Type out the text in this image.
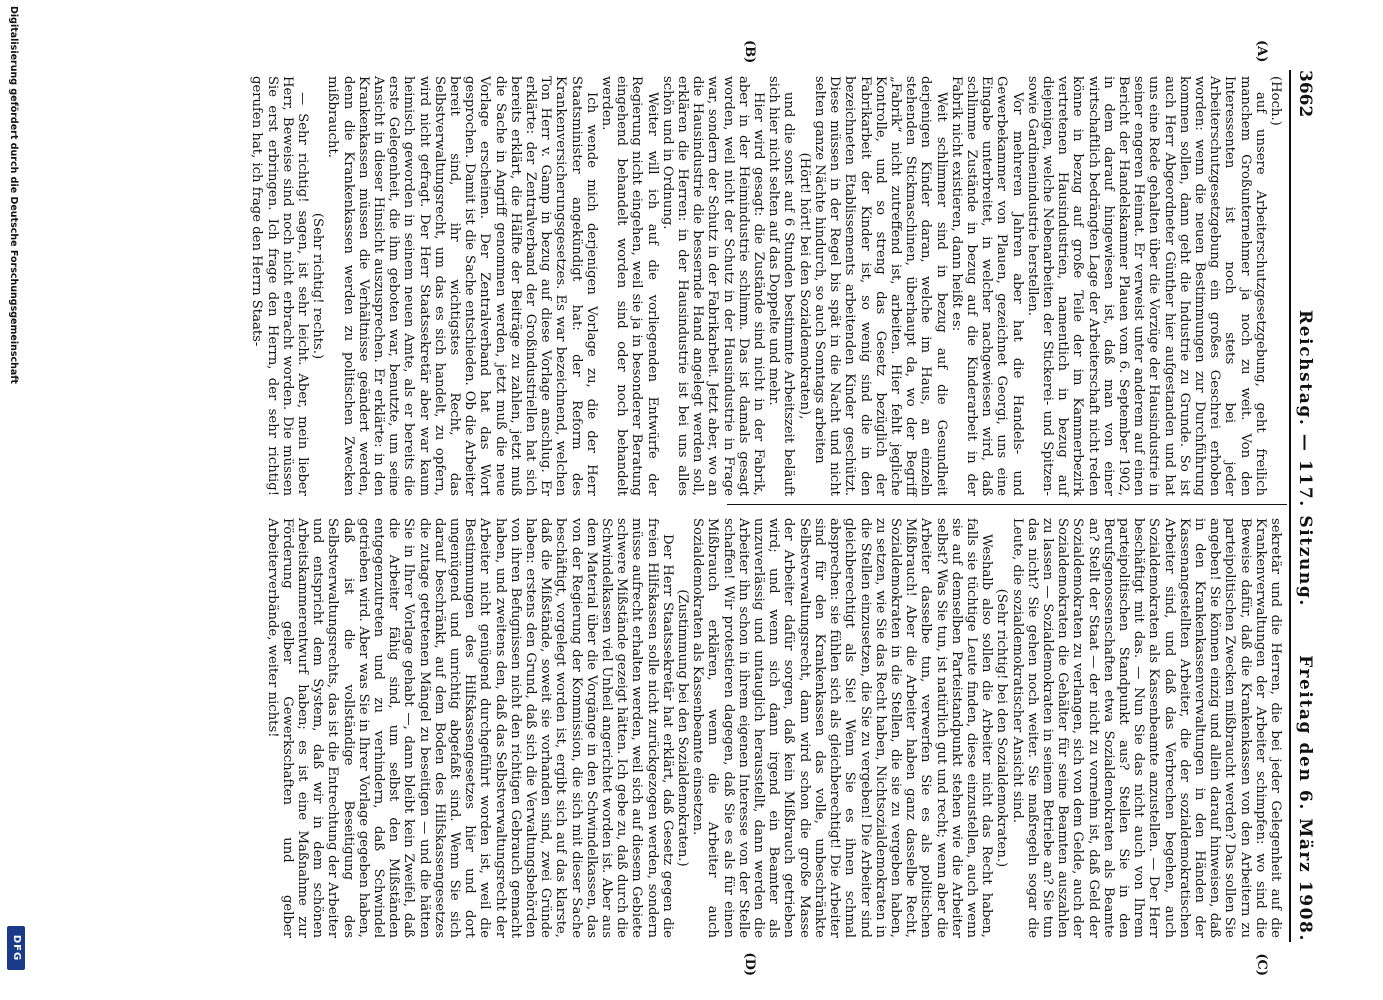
3662
Reichstag. — 117. Sitzung.
Freitag den 6. März 1908.
(A)
(B)
(C)
(D)

(Hoch.)

auf unsere Arbeiterschutzgesetzgebung, geht freilich manchem Großunternehmer ja noch zu weit. Von den Interessenten ist noch stets bei jeder Arbeiterschutzgesetzgebung ein großes Geschrei erhoben worden: wenn die neuen Bestimmungen zur Durchführung kommen sollen, dann geht die Industrie zu Grunde. So ist auch Herr Abgeordneter Günther hier aufgestanden und hat uns eine Rede gehalten über die Vorzüge der Hausindustrie in seiner engeren Heimat. Er verweist unter anderem auf einen Bericht der Handelskammer Plauen vom 6. September 1902, in dem darauf hingewiesen ist, daß man von einer wirtschaftlich bedrängten Lage der Arbeiterschaft nicht reden könne in bezug auf große Teile der im Kammerbezirk vertretenen Hausindustrien, namentlich in bezug auf diejenigen, welche Nebenarbeiten der Stickerei- und Spitzen- sowie Gardinenindustrie herstellen.

Vor mehreren Jahren aber hat die Handels- und Gewerbekammer von Plauen, gezeichnet Georgi, uns eine Eingabe unterbreitet, in welcher nachgewiesen wird, daß schlimme Zustände in bezug auf die Kinderarbeit in der Fabrik nicht existieren, dann heißt es:

Weit schlimmer sind in bezug auf die Gesundheit derjenigen Kinder daran, welche im Haus, an einzeln stehenden Stickmaschinen, überhaupt da, wo der Begriff „Fabrik“ nicht zutreffend ist, arbeiten. Hier fehlt jegliche Kontrolle, und so streng das Gesetz bezüglich der Fabrikarbeit der Kinder ist, so wenig sind die in den bezeichneten Etablissements arbeitenden Kinder geschützt. Diese müssen in der Regel bis spät in die Nacht und nicht selten ganze Nächte hindurch, so auch Sonntags arbeiten

(Hört! hört! bei den Sozialdemokraten),

und die sonst auf 6 Stunden bestimmte Arbeitszeit beläuft sich hier nicht selten auf das Doppelte und mehr.

Hier wird gesagt: die Zustände sind nicht in der Fabrik, aber in der Heimindustrie schlimm. Das ist damals gesagt worden, weil nicht der Schutz in der Hausindustrie in Frage war, sondern der Schutz in der Fabrikarbeit. Jetzt aber, wo an die Hausindustrie die bessernde Hand angelegt werden soll, erklären die Herren: in der Hausindustrie ist bei uns alles schön und in Ordnung.

Weiter will ich auf die vorliegenden Entwürfe der Regierung nicht eingehen, weil sie ja in besonderer Beratung eingehend behandelt worden sind oder noch behandelt werden.

Ich wende mich derjenigen Vorlage zu, die der Herr Staatsminister angekündigt hat: der Reform des Krankenversicherungsgesetzes. Es war bezeichnend, welchen Ton Herr v. Gamp in bezug auf diese Vorlage anschlug. Er erklärte: der Zentralverband der Großindustriellen hat sich bereits erklärt, die Hälfte der Beiträge zu zahlen, jetzt muß die Sache in Angriff genommen werden, jetzt muß die neue Vorlage erscheinen. Der Zentralverband hat das Wort gesprochen. Damit ist die Sache entschieden. Ob die Arbeiter bereit sind, ihr wichtigstes Recht, das Selbstverwaltungsrecht, um das es sich handelt, zu opfern, wird nicht gefragt. Der Herr Staatssekretär aber war kaum heimisch geworden in seinem neuen Amte, als er bereits die erste Gelegenheit, die ihm geboten war, benutzte, um seine Ansicht in dieser Hinsicht auszusprechen. Er erklärte: in den Krankenkassen müssen die Verhältnisse geändert werden, denn die Krankenkassen werden zu politischen Zwecken mißbraucht.

(Sehr richtig! rechts.)

— Sehr richtig! sagen, ist sehr leicht. Aber, mein lieber Herr, Beweise sind noch nicht erbracht worden. Die müssen Sie erst erbringen. Ich frage den Herrn, der sehr richtig! gerufen hat, ich frage den Herrn Staats-

sekretär und die Herren, die bei jeder Gelegenheit auf die Krankenverwaltungen der Arbeiter schimpfen: wo sind die Beweise dafür, daß die Krankenkassen von den Arbeitern zu parteipolitischen Zwecken mißbraucht werden? Das sollen Sie angeben! Sie können einzig und allein darauf hinweisen, daß in den Krankenkassenverwaltungen in den Händen der Kassenangestellten Arbeiter, die der sozialdemokratischen Arbeiter sind, und daß das Verbrechen begehen, auch Sozialdemokraten als Kassenbeamte anzustellen. — Der Herr beschäftigt mit das. — Nun Sie das nicht auch von Ihrem parteipolitischen Standpunkt aus? Stellen Sie in den Berufsgenossenschaften etwa Sozialdemokraten als Beamte an? Stellt der Staat — der nicht zu vornehm ist, daß Geld der Sozialdemokraten zu verlangen, sich von dem Gelde, auch der Sozialdemokraten die Gehälter für seine Beamten auszahlen zu lassen — Sozialdemokraten in seinem Betriebe an? Sie tun das nicht? Sie gehen noch weiter. Sie maßregeln sogar die Leute, die sozialdemokratischer Ansicht sind.

(Sehr richtig! bei den Sozialdemokraten.)

Weshalb also sollen die Arbeiter nicht das Recht haben, falls sie tüchtige Leute finden, diese einzustellen, auch wenn sie auf demselben Parteistandpunkt stehen wie die Arbeiter selbst? Was Sie tun, ist natürlich gut und recht; wenn aber die Arbeiter dasselbe tun, verwerfen Sie es als politischen Mißbrauch! Aber die Arbeiter haben ganz dasselbe Recht, Sozialdemokraten in die Stellen, die sie zu vergeben haben, zu setzen, wie Sie das Recht haben, Nichtsozialdemokraten in die Stellen einzusetzen, die Sie zu vergeben! Die Arbeiter sind gleichberechtigt als Sie! Wenn Sie es ihnen schmal absprechen: sie fühlen sich als gleichberechtigt! Die Arbeiter sind für den Krankenkassen das volle, unbeschränkte Selbstverwaltungsrecht, dann wird schon die große Masse der Arbeiter dafür sorgen, daß kein Mißbrauch getrieben wird; und wenn sich dann irgend ein Beamter als unzuverlässig und untauglich herausstellt, dann werden die Arbeiter ihn schon in ihrem eigenen Interesse von der Stelle schaffen! Wir protestieren dagegen, daß Sie es als für einen Mißbrauch erklären, wenn die Arbeiter auch Sozialdemokraten als Kassenbeamte einsetzen.

(Zustimmung bei den Sozialdemokraten.)

Der Herr Staatssekretär hat erklärt, daß Gesetz gegen die freien Hilfskassen solle nicht zurückgezogen werden, sondern müsse aufrecht erhalten werden, weil sich auf diesem Gebiete schwere Mißstände gezeigt hätten. Ich gebe zu, daß durch die Schwindelkassen viel Unheil angerichtet worden ist. Aber aus dem Material über die Vorgänge in den Schwindelkassen, das von der Regierung der Kommission, die sich mit dieser Sache beschäftigt, vorgelegt worden ist, ergibt sich auf das klarste, daß die Mißstände, soweit sie vorhanden sind, zwei Gründe haben: erstens den Grund, daß sich die Verwaltungsbehörden von ihren Befugnissen nicht den richtigen Gebrauch gemacht haben, und zweitens den, daß das Selbstverwaltungsrecht der Arbeiter nicht genügend durchgeführt worden ist, weil die Bestimmungen des Hilfskassengesetzes hier und dort ungenügend und unrichtig abgefaßt sind. Wenn Sie sich darauf beschränkt, auf dem Boden des Hilfskassengesetzes die zutage getretenen Mängel zu beseitigen — und die hätten Sie in Ihrer Vorlage gehabt —, dann bleibt kein Zweifel, daß die Arbeiter fähig sind, um selbst den Mißständen entgegenzutreten und zu verhindern, daß Schwindel getrieben wird. Aber was Sie in Ihrer Vorlage gegeben haben, daß ist die vollständige Beseitigung des Selbstverwaltungsrechts, das ist die Entrechtung der Arbeiter und entspricht dem System, daß wir in dem schönen Arbeitskammerentwurf haben; es ist eine Maßnahme zur Förderung gelber Gewerkschaften und gelber Arbeiterverbände, weiter nichts!

Digitalisierung gefördert durch die Deutsche Forschungsgemeinschaft
DFG
